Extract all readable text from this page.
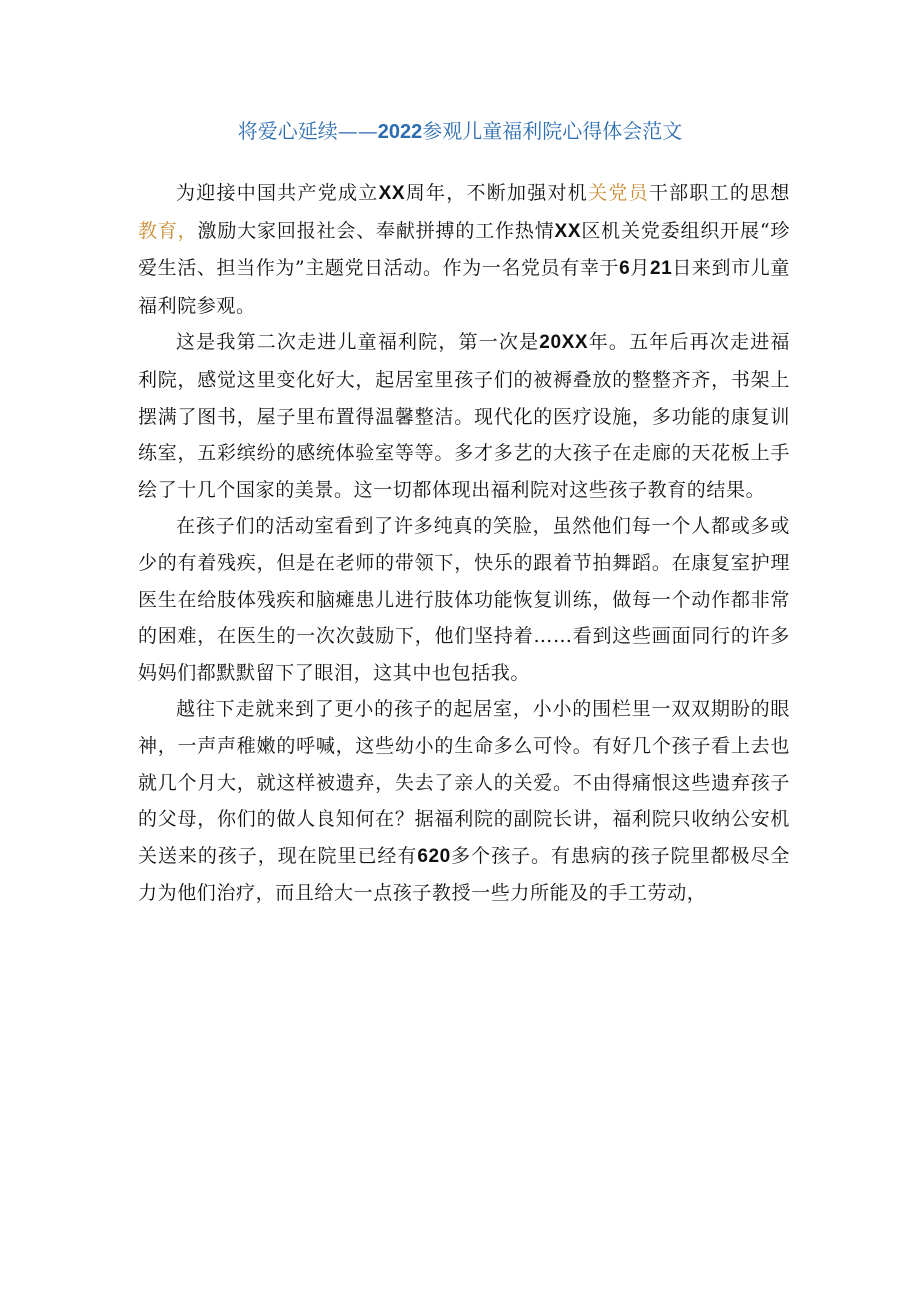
将爱心延续——2022参观儿童福利院心得体会范文

为迎接中国共产党成立XX周年，不断加强对机关党员干部职工的思想教育，激励大家回报社会、奉献拼搏的工作热情XX区机关党委组织开展“珍爱生活、担当作为”主题党日活动。作为一名党员有幸于6月21日来到市儿童福利院参观。

这是我第二次走进儿童福利院，第一次是20XX年。五年后再次走进福利院，感觉这里变化好大，起居室里孩子们的被褥叠放的整整齐齐，书架上摆满了图书，屋子里布置得温馨整洁。现代化的医疗设施，多功能的康复训练室，五彩缤纷的感统体验室等等。多才多艺的大孩子在走廊的天花板上手绘了十几个国家的美景。这一切都体现出福利院对这些孩子教育的结果。

在孩子们的活动室看到了许多纯真的笑脸，虽然他们每一个人都或多或少的有着残疾，但是在老师的带领下，快乐的跟着节拍舞蹈。在康复室护理医生在给肢体残疾和脑瘫患儿进行肢体功能恢复训练，做每一个动作都非常的困难，在医生的一次次鼓励下，他们坚持着……看到这些画面同行的许多妈妈们都默默留下了眼泪，这其中也包括我。

越往下走就来到了更小的孩子的起居室，小小的围栏里一双双期盼的眼神，一声声稚嫩的呼喊，这些幼小的生命多么可怜。有好几个孩子看上去也就几个月大，就这样被遗弃，失去了亲人的关爱。不由得痛恨这些遗弃孩子的父母，你们的做人良知何在？据福利院的副院长讲，福利院只收纳公安机关送来的孩子，现在院里已经有620多个孩子。有患病的孩子院里都极尽全力为他们治疗，而且给大一点孩子教授一些力所能及的手工劳动，
